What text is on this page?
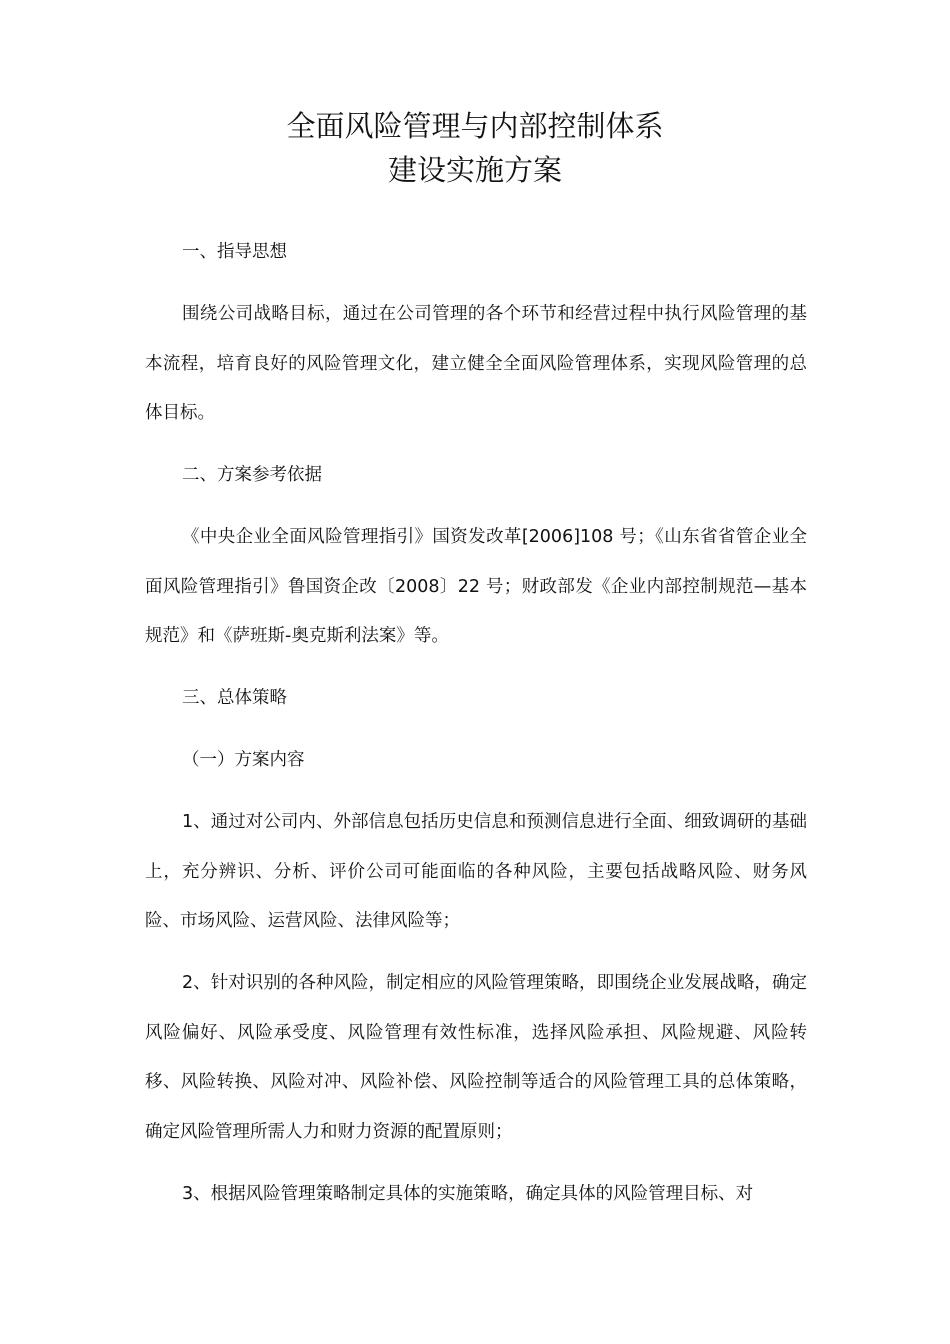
全面风险管理与内部控制体系
建设实施方案
一、指导思想

围绕公司战略目标，通过在公司管理的各个环节和经营过程中执行风险管理的基本流程，培育良好的风险管理文化，建立健全全面风险管理体系，实现风险管理的总体目标。

二、方案参考依据

《中央企业全面风险管理指引》国资发改革[2006]108 号；《山东省省管企业全面风险管理指引》鲁国资企改〔2008〕22 号；财政部发《企业内部控制规范—基本规范》和《萨班斯-奥克斯利法案》等。

三、总体策略
（一）方案内容

1、通过对公司内、外部信息包括历史信息和预测信息进行全面、细致调研的基础上，充分辨识、分析、评价公司可能面临的各种风险，主要包括战略风险、财务风险、市场风险、运营风险、法律风险等；

2、针对识别的各种风险，制定相应的风险管理策略，即围绕企业发展战略，确定风险偏好、风险承受度、风险管理有效性标准，选择风险承担、风险规避、风险转移、风险转换、风险对冲、风险补偿、风险控制等适合的风险管理工具的总体策略，确定风险管理所需人力和财力资源的配置原则；

3、根据风险管理策略制定具体的实施策略，确定具体的风险管理目标、对
